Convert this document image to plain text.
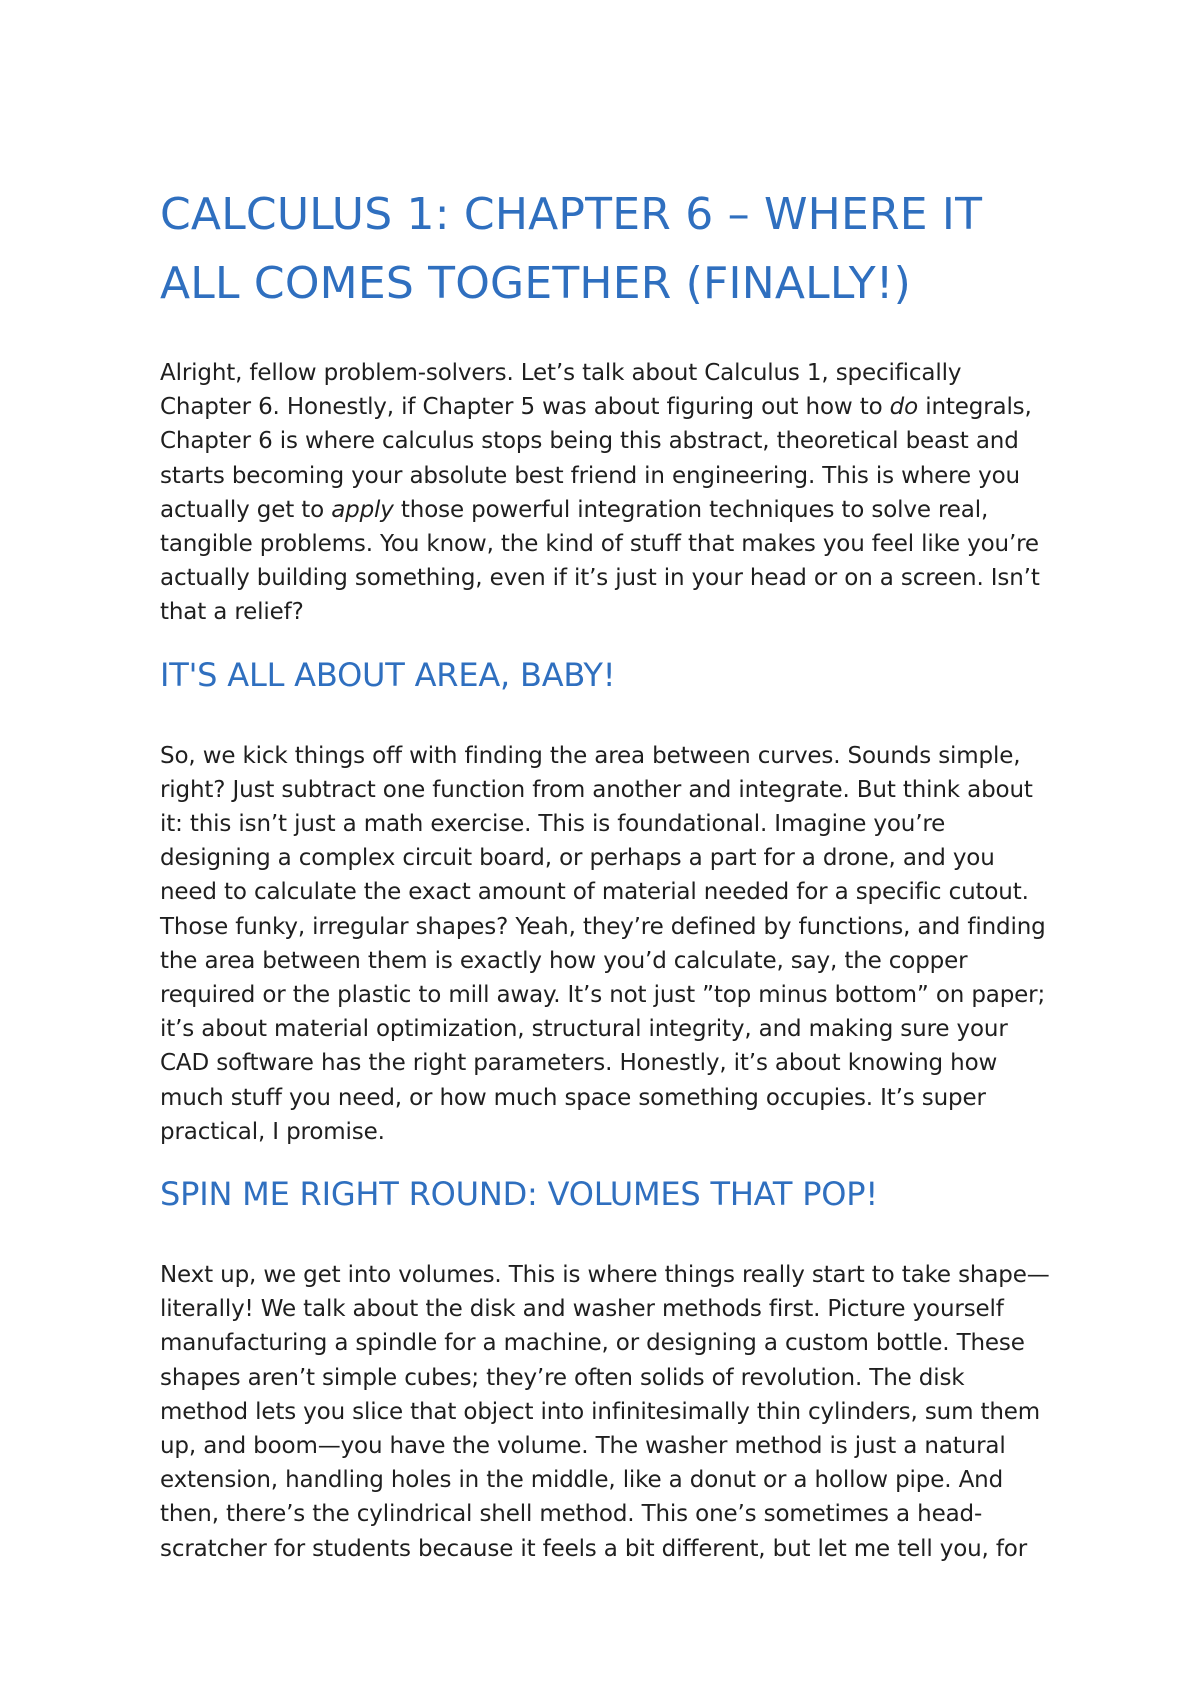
CALCULUS 1: CHAPTER 6 – WHERE IT ALL COMES TOGETHER (FINALLY!)

Alright, fellow problem-solvers. Let’s talk about Calculus 1, specifically Chapter 6. Honestly, if Chapter 5 was about figuring out how to do integrals, Chapter 6 is where calculus stops being this abstract, theoretical beast and starts becoming your absolute best friend in engineering. This is where you actually get to apply those powerful integration techniques to solve real, tangible problems. You know, the kind of stuff that makes you feel like you’re actually building something, even if it’s just in your head or on a screen. Isn’t that a relief?

IT'S ALL ABOUT AREA, BABY!

So, we kick things off with finding the area between curves. Sounds simple, right? Just subtract one function from another and integrate. But think about it: this isn’t just a math exercise. This is foundational. Imagine you’re designing a complex circuit board, or perhaps a part for a drone, and you need to calculate the exact amount of material needed for a specific cutout. Those funky, irregular shapes? Yeah, they’re defined by functions, and finding the area between them is exactly how you’d calculate, say, the copper required or the plastic to mill away. It’s not just ”top minus bottom” on paper; it’s about material optimization, structural integrity, and making sure your CAD software has the right parameters. Honestly, it’s about knowing how much stuff you need, or how much space something occupies. It’s super practical, I promise.

SPIN ME RIGHT ROUND: VOLUMES THAT POP!

Next up, we get into volumes. This is where things really start to take shape—literally! We talk about the disk and washer methods first. Picture yourself manufacturing a spindle for a machine, or designing a custom bottle. These shapes aren’t simple cubes; they’re often solids of revolution. The disk method lets you slice that object into infinitesimally thin cylinders, sum them up, and boom—you have the volume. The washer method is just a natural extension, handling holes in the middle, like a donut or a hollow pipe. And then, there’s the cylindrical shell method. This one’s sometimes a head-scratcher for students because it feels a bit different, but let me tell you, for
